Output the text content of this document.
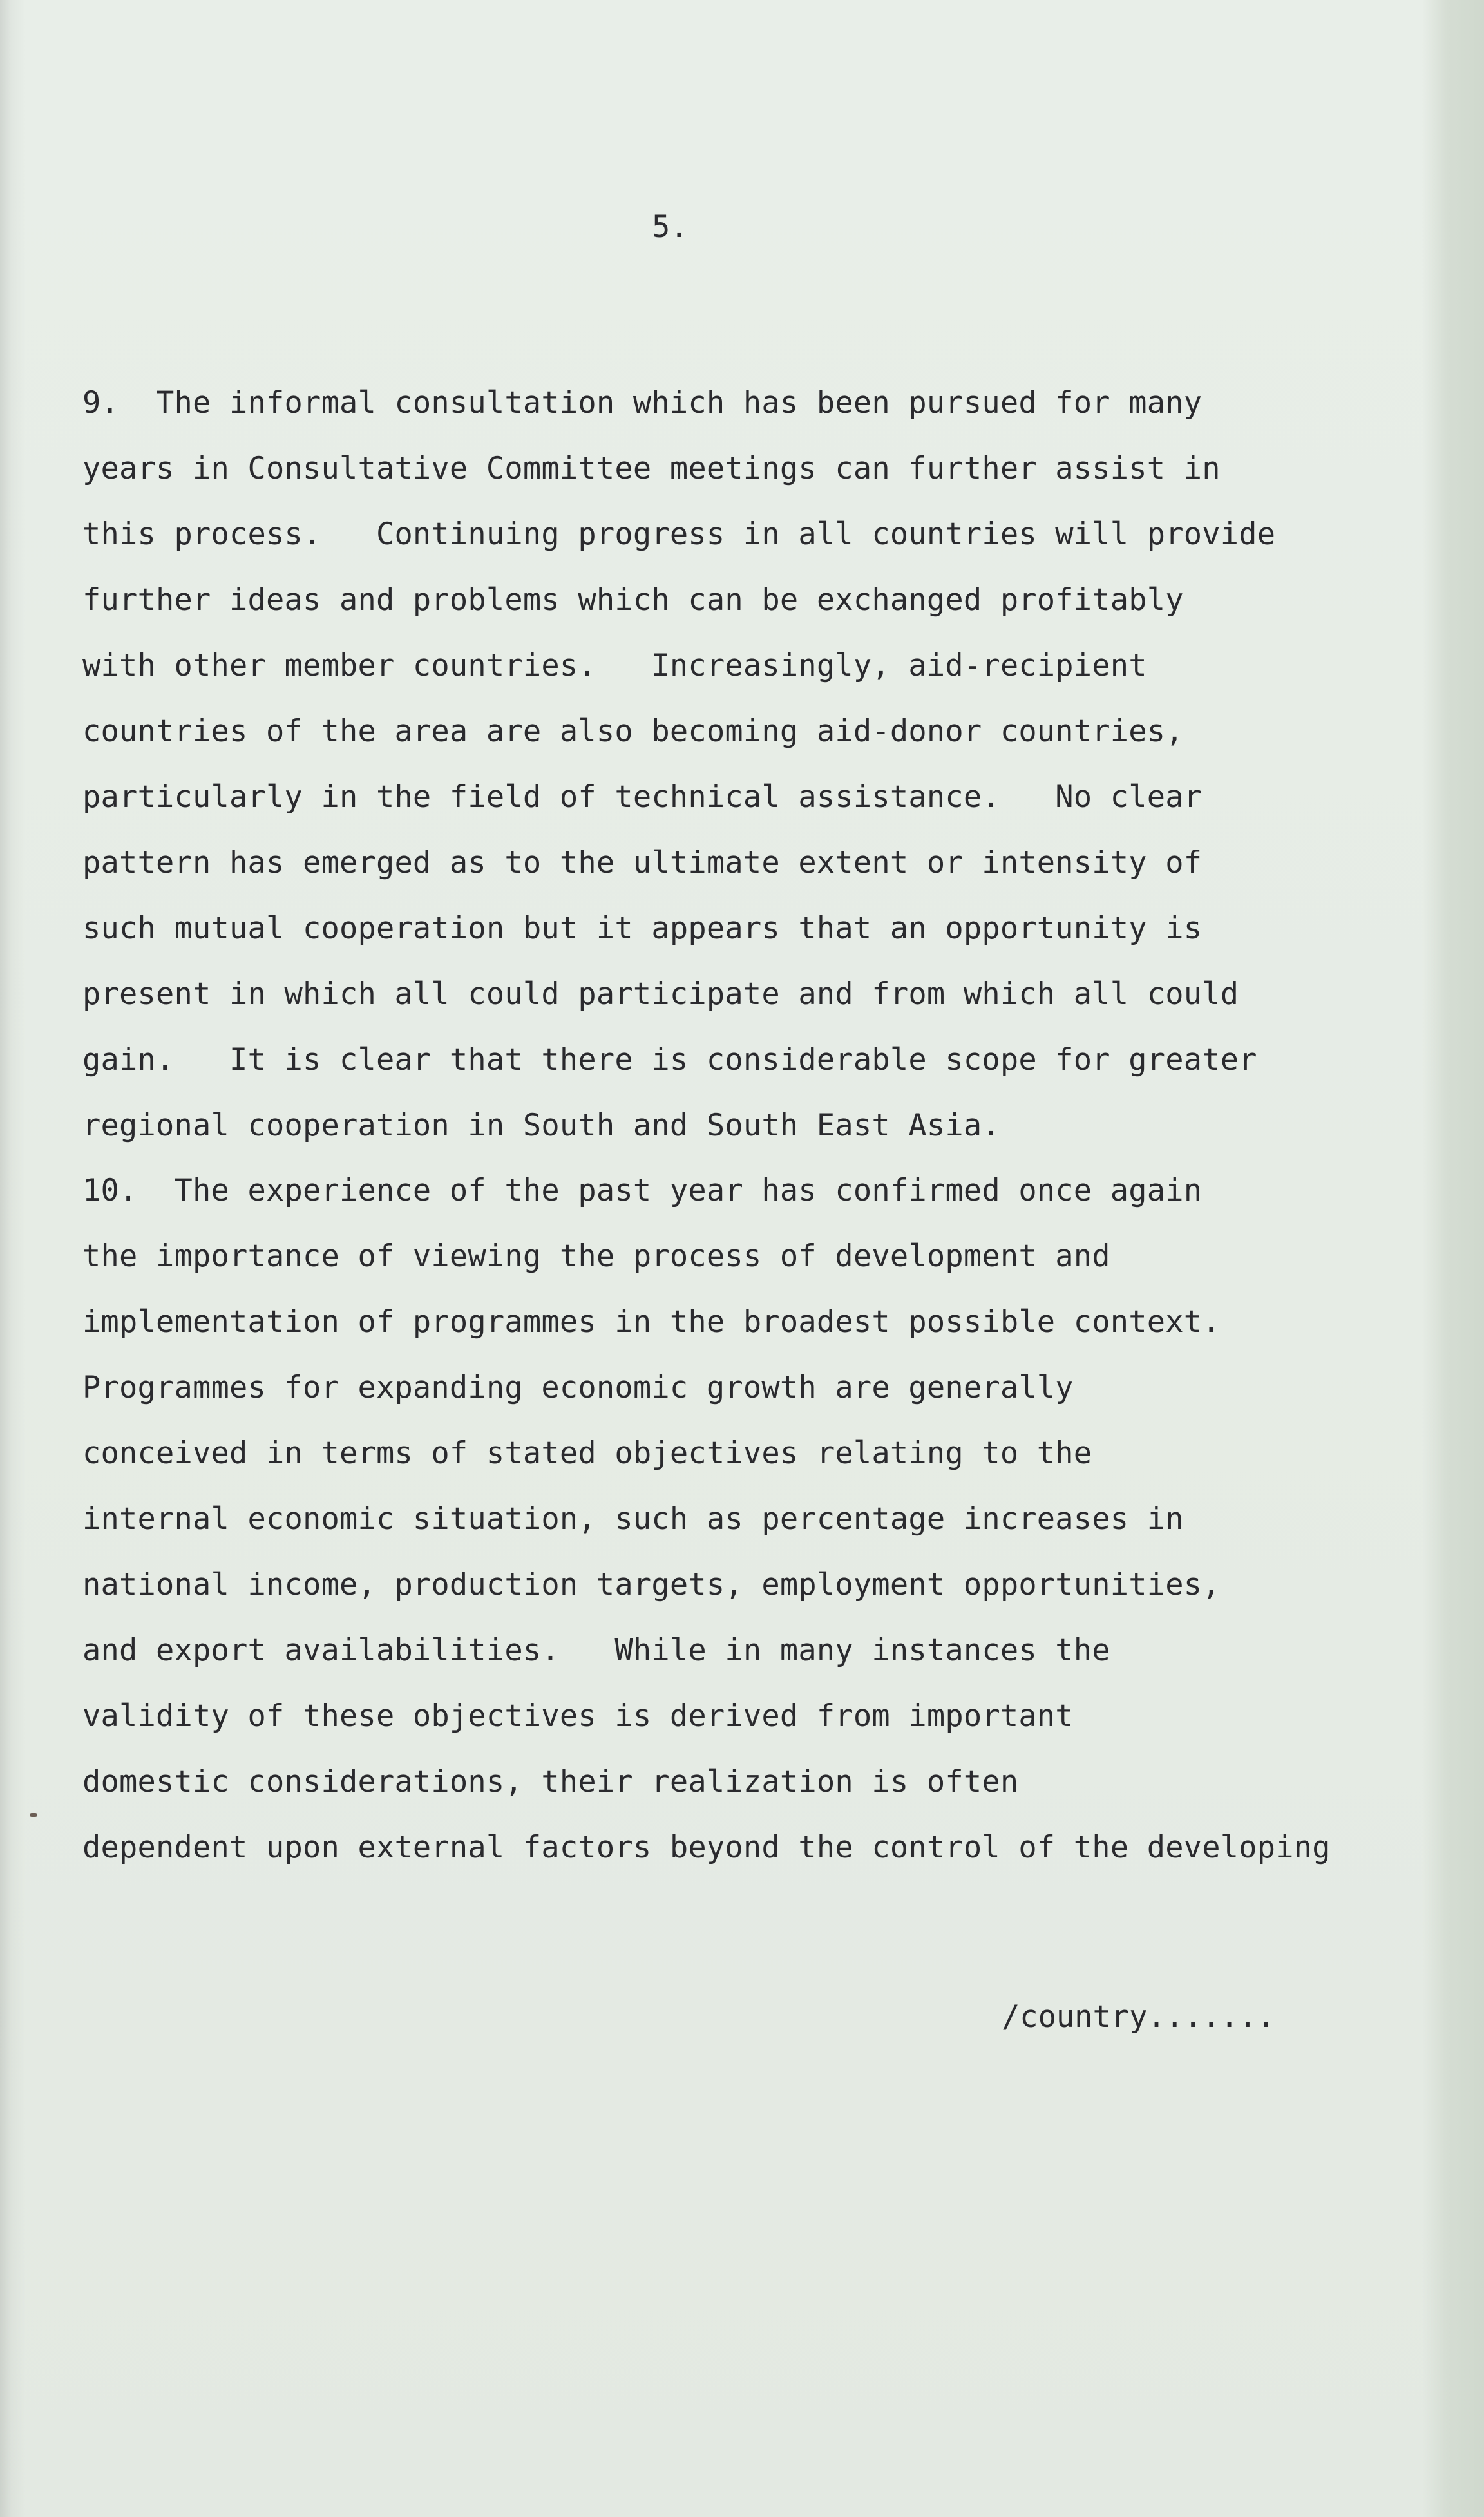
5.
9.  The informal consultation which has been pursued for many
years in Consultative Committee meetings can further assist in
this process.   Continuing progress in all countries will provide
further ideas and problems which can be exchanged profitably
with other member countries.   Increasingly, aid-recipient
countries of the area are also becoming aid-donor countries,
particularly in the field of technical assistance.   No clear
pattern has emerged as to the ultimate extent or intensity of
such mutual cooperation but it appears that an opportunity is
present in which all could participate and from which all could
gain.   It is clear that there is considerable scope for greater
regional cooperation in South and South East Asia.
10.  The experience of the past year has confirmed once again
the importance of viewing the process of development and
implementation of programmes in the broadest possible context.
Programmes for expanding economic growth are generally
conceived in terms of stated objectives relating to the
internal economic situation, such as percentage increases in
national income, production targets, employment opportunities,
and export availabilities.   While in many instances the
validity of these objectives is derived from important
domestic considerations, their realization is often
dependent upon external factors beyond the control of the developing
/country.......
